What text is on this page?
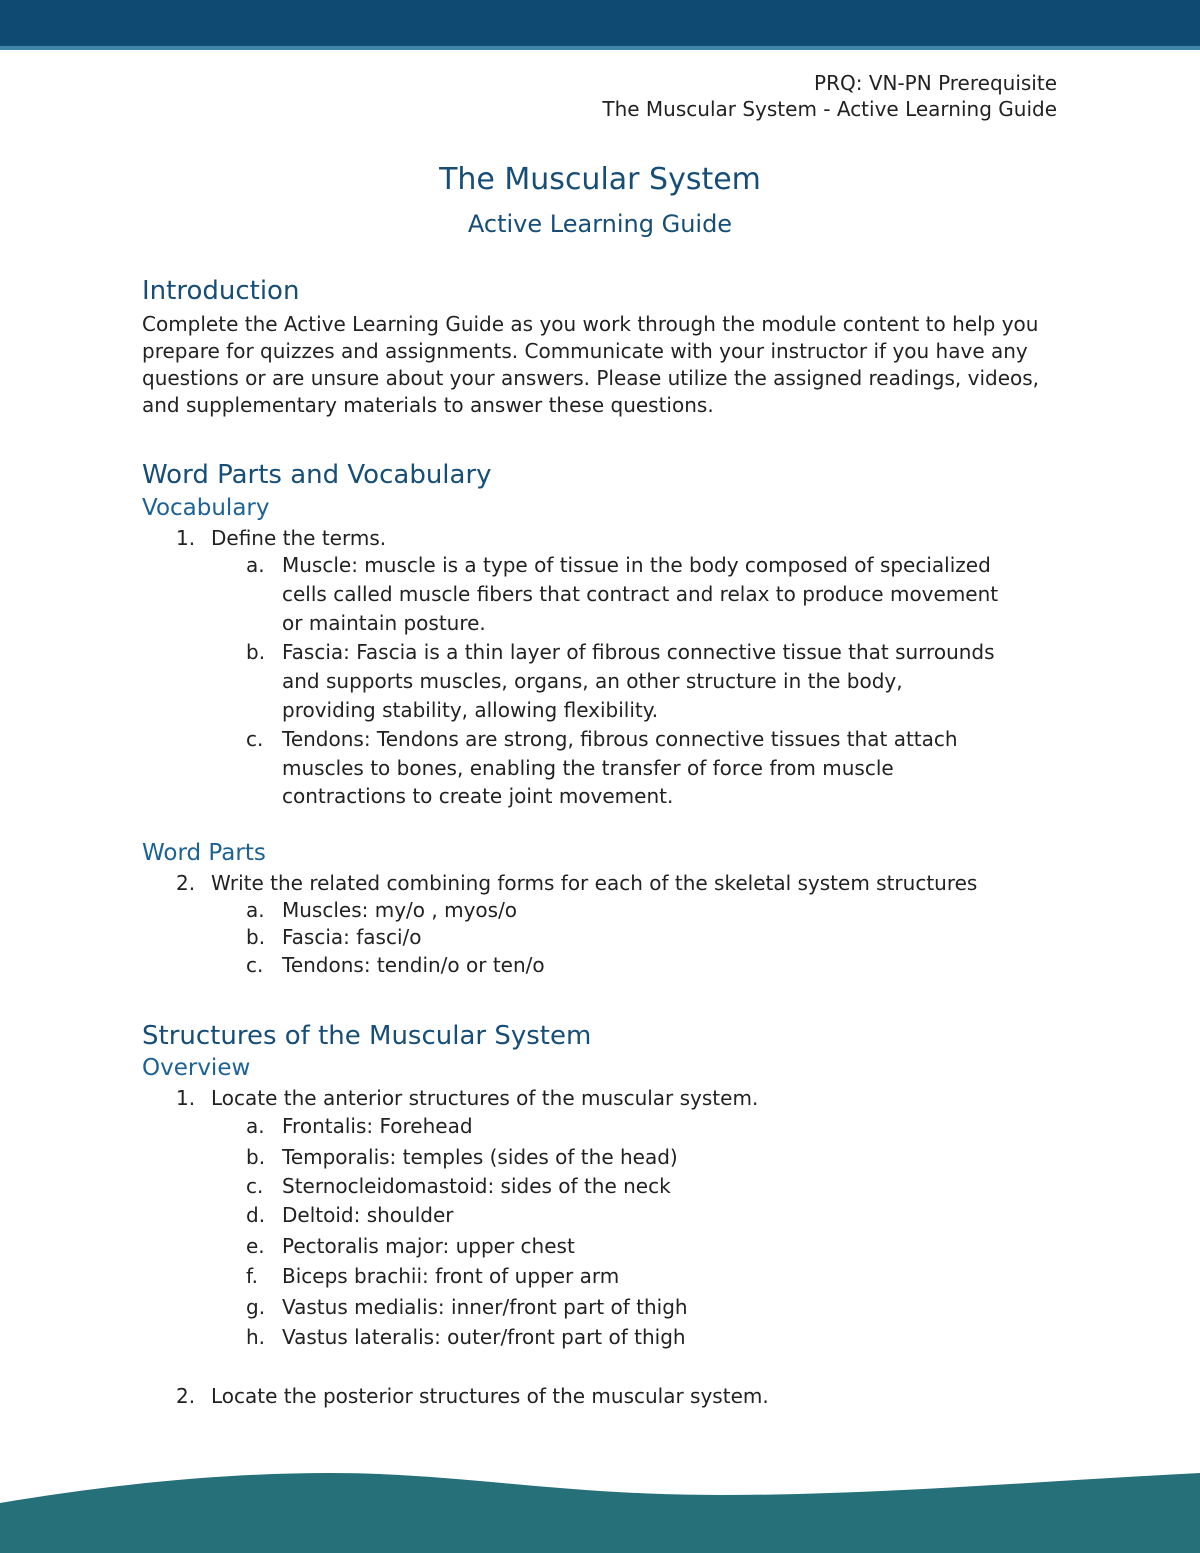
PRQ: VN-PN Prerequisite
The Muscular System - Active Learning Guide
The Muscular System
Active Learning Guide
Introduction
Complete the Active Learning Guide as you work through the module content to help you prepare for quizzes and assignments. Communicate with your instructor if you have any questions or are unsure about your answers. Please utilize the assigned readings, videos, and supplementary materials to answer these questions.
Word Parts and Vocabulary
Vocabulary
1. Define the terms.
a. Muscle: muscle is a type of tissue in the body composed of specialized
cells called muscle fibers that contract and relax to produce movement
or maintain posture.
b. Fascia: Fascia is a thin layer of fibrous connective tissue that surrounds
and supports muscles, organs, an other structure in the body,
providing stability, allowing flexibility.
c. Tendons: Tendons are strong, fibrous connective tissues that attach
muscles to bones, enabling the transfer of force from muscle
contractions to create joint movement.
Word Parts
2. Write the related combining forms for each of the skeletal system structures
a. Muscles: my/o , myos/o
b. Fascia: fasci/o
c. Tendons: tendin/o or ten/o
Structures of the Muscular System
Overview
1. Locate the anterior structures of the muscular system.
a. Frontalis: Forehead
b. Temporalis: temples (sides of the head)
c. Sternocleidomastoid: sides of the neck
d. Deltoid: shoulder
e. Pectoralis major: upper chest
f. Biceps brachii: front of upper arm
g. Vastus medialis: inner/front part of thigh
h. Vastus lateralis: outer/front part of thigh
2. Locate the posterior structures of the muscular system.
